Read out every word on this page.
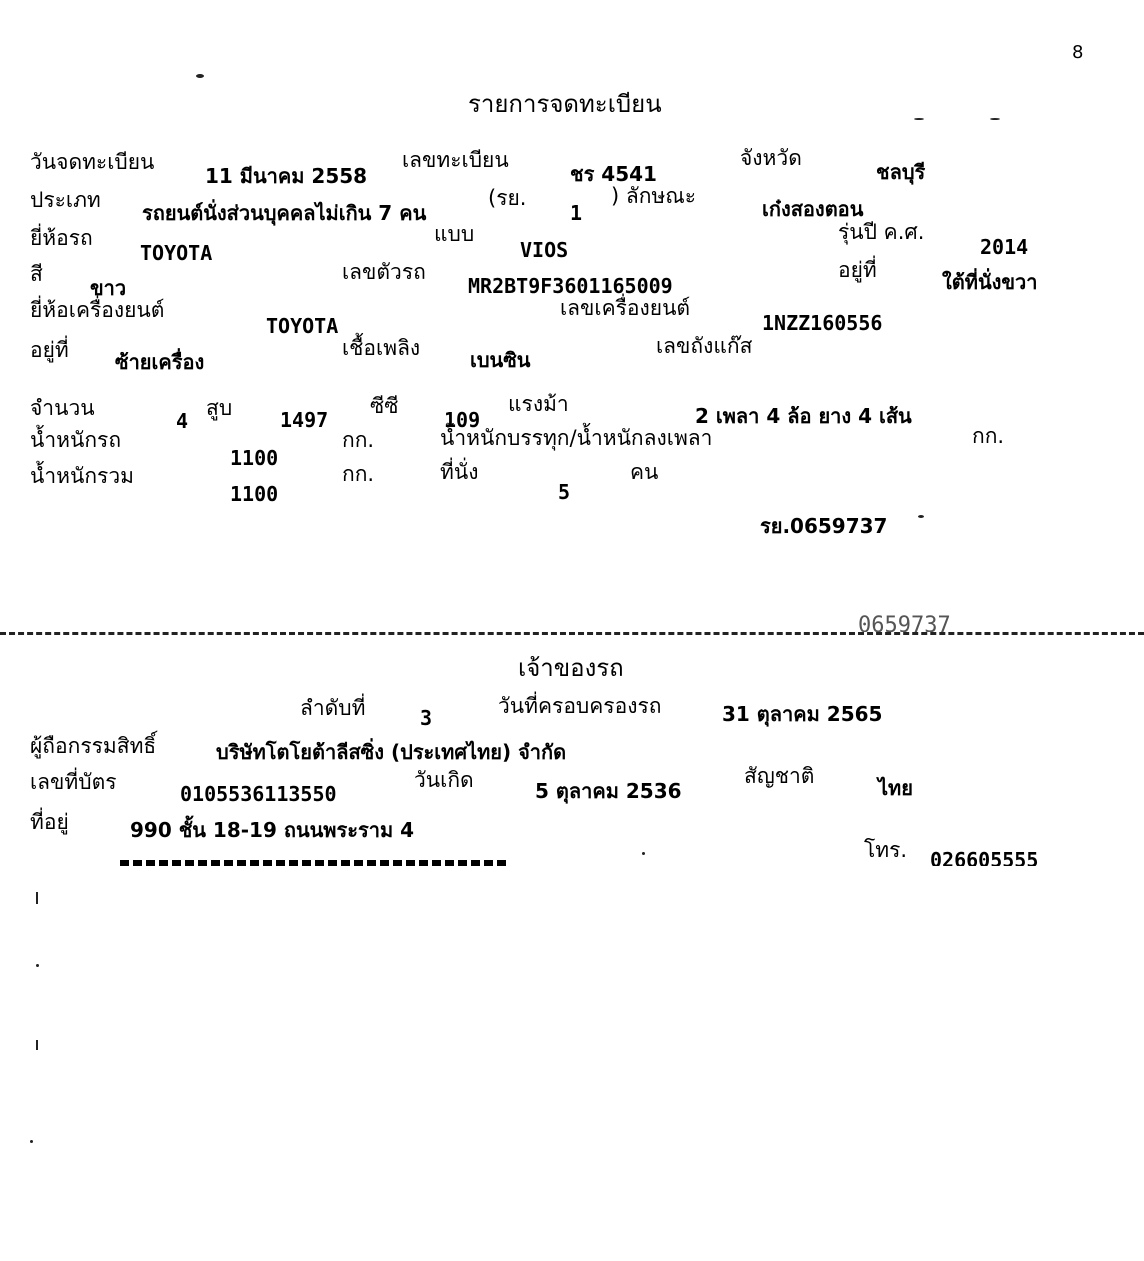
8
รายการจดทะเบียน
วันจดทะเบียน
11 มีนาคม 2558
เลขทะเบียน
ชร 4541
จังหวัด
ชลบุรี
ประเภท
รถยนต์นั่งส่วนบุคคลไม่เกิน 7 คน
(รย.
1
) ลักษณะ
เก๋งสองตอน
ยี่ห้อรถ
TOYOTA
แบบ
VIOS
รุ่นปี ค.ศ.
2014
สี
ขาว
เลขตัวรถ
MR2BT9F3601165009
อยู่ที่	ใต้ที่นั่งขวา
ยี่ห้อเครื่องยนต์
TOYOTA
เลขเครื่องยนต์
1NZZ160556
อยู่ที่ ซ้ายเครื่อง
เชื้อเพลิง เบนซิน
เลขถังแก๊ส
จำนวน
4
สูบ 1497
ซีซี
109
แรงม้า	2 เพลา 4 ล้อ ยาง 4 เส้น
น้ำหนักรถ
1100
กก.	น้ำหนักบรรทุก/น้ำหนักลงเพลา	กก.
น้ำหนักรวม
1100
กก.	ที่นั่ง
5
คน
รย.0659737
0659737
เจ้าของรถ
ลำดับที่	3	วันที่ครอบครองรถ	31 ตุลาคม 2565
ผู้ถือกรรมสิทธิ์	บริษัทโตโยต้าลีสซิ่ง (ประเทศไทย) จำกัด
เลขที่บัตร	0105536113550
วันเกิด	5 ตุลาคม 2536
สัญชาติ	ไทย
ที่อยู่	990 ชั้น 18-19 ถนนพระราม 4
โทร. 026605555
